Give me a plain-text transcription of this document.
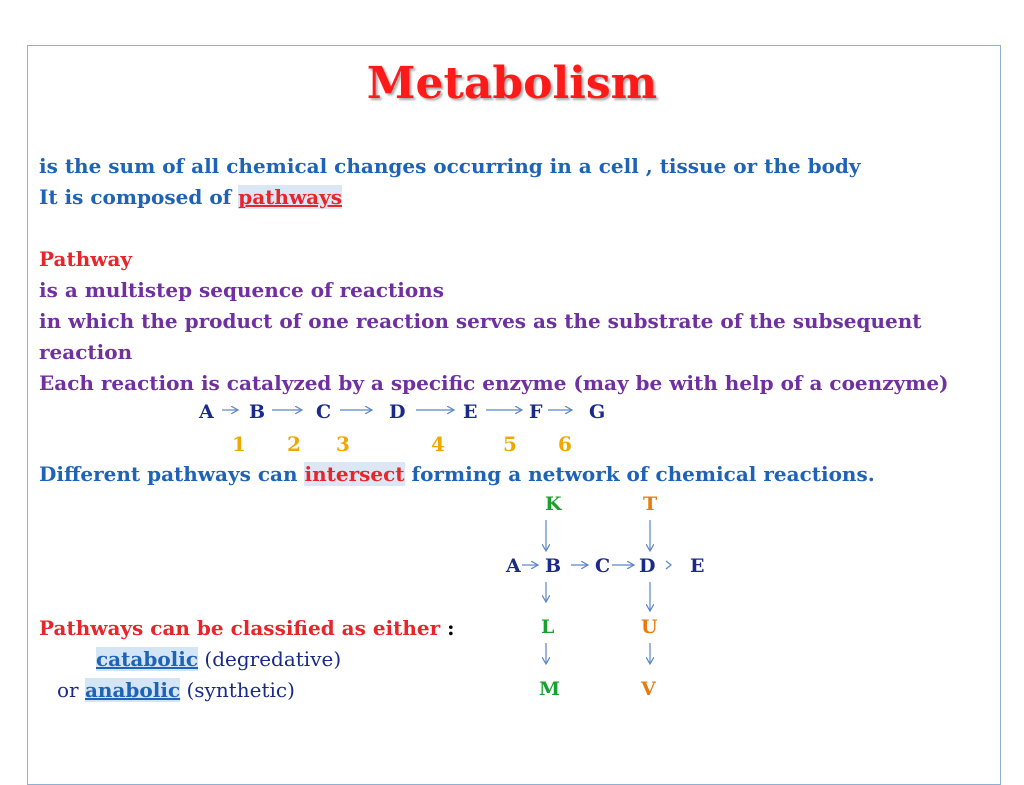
Metabolism
is the sum of all chemical changes occurring in a cell , tissue or the body
It is composed of pathways
Pathway
is a multistep sequence of reactions
in which the product of one reaction serves as the substrate of the subsequent
reaction
Each reaction is catalyzed by a specific enzyme (may be with help of a coenzyme)
A B	C	D	E	F G
1 2 3	4	5 6
Different pathways can intersect forming a network of chemical reactions.
K	T
A B C D E
L	U
M	V
Pathways can be classified as either :
catabolic (degredative)
or anabolic (synthetic)
